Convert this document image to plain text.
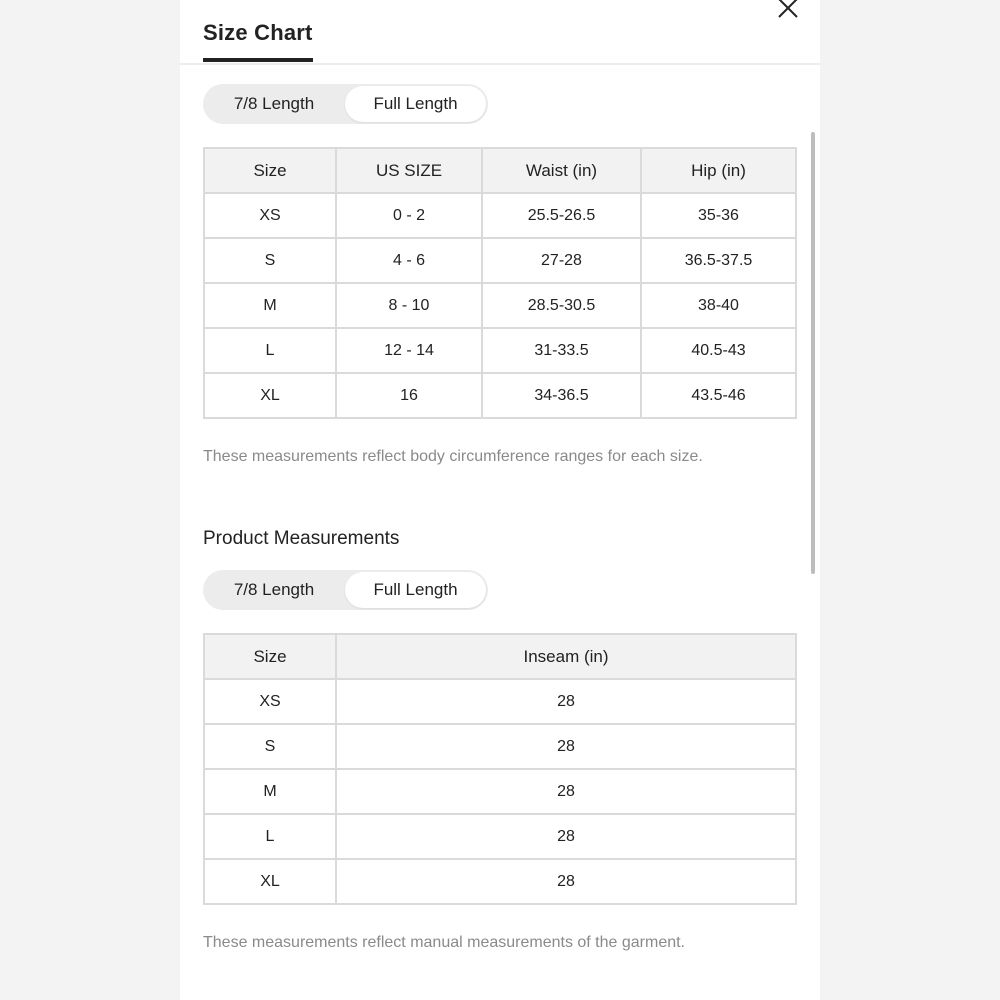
Size Chart
7/8 Length	Full Length
Size	US SIZE	Waist (in)	Hip (in)
XS	0 - 2	25.5-26.5	35-36
S	4 - 6	27-28	36.5-37.5
M	8 - 10	28.5-30.5	38-40
L	12 - 14	31-33.5	40.5-43
XL	16	34-36.5	43.5-46
These measurements reflect body circumference ranges for each size.
Product Measurements
7/8 Length	Full Length
Size	Inseam (in)
XS	28
S	28
M	28
L	28
XL	28
These measurements reflect manual measurements of the garment.
